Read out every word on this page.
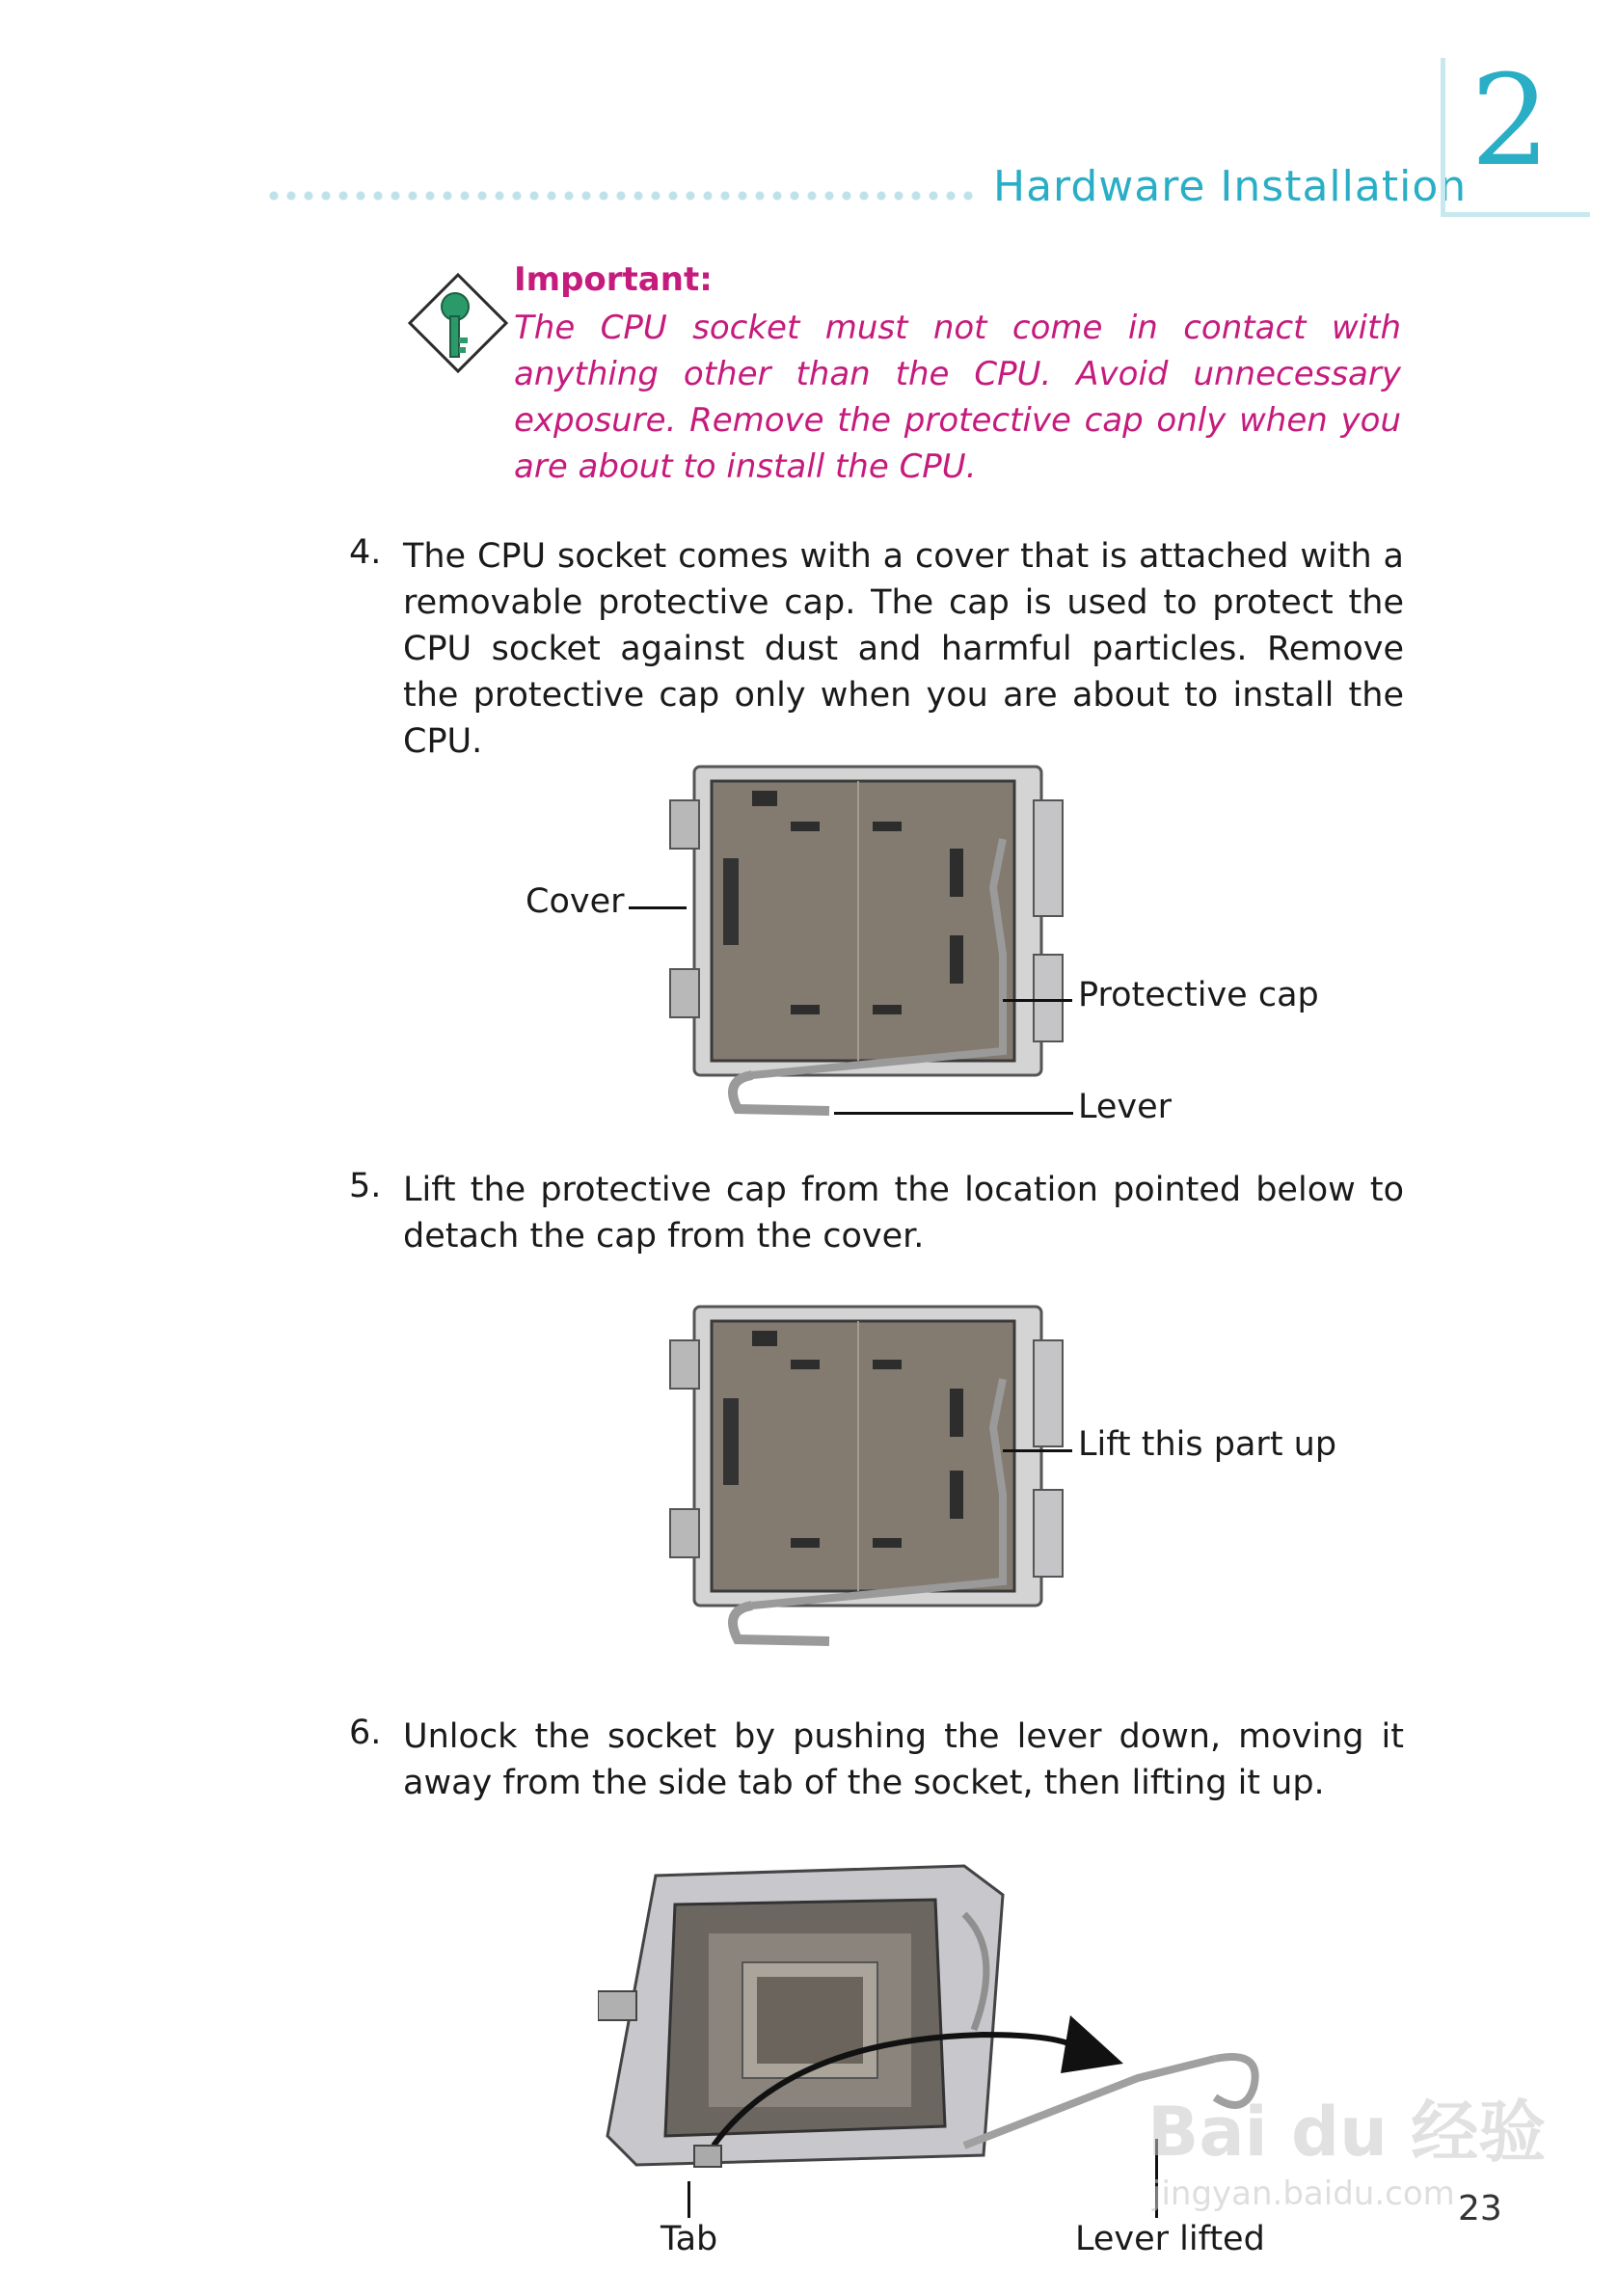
Hardware Installation 2
Important:
The CPU socket must not come in contact with anything other than the CPU. Avoid unnecessary exposure. Remove the protective cap only when you are about to install the CPU.
4. The CPU socket comes with a cover that is attached with a removable protective cap. The cap is used to protect the CPU socket against dust and harmful particles. Remove the protective cap only when you are about to install the CPU.
Cover
Protective cap
Lever
5. Lift the protective cap from the location pointed below to detach the cap from the cover.
Lift this part up
6. Unlock the socket by pushing the lever down, moving it away from the side tab of the socket, then lifting it up.
Tab	Lever lifted
Bai du 经验
jingyan.baidu.com 23
